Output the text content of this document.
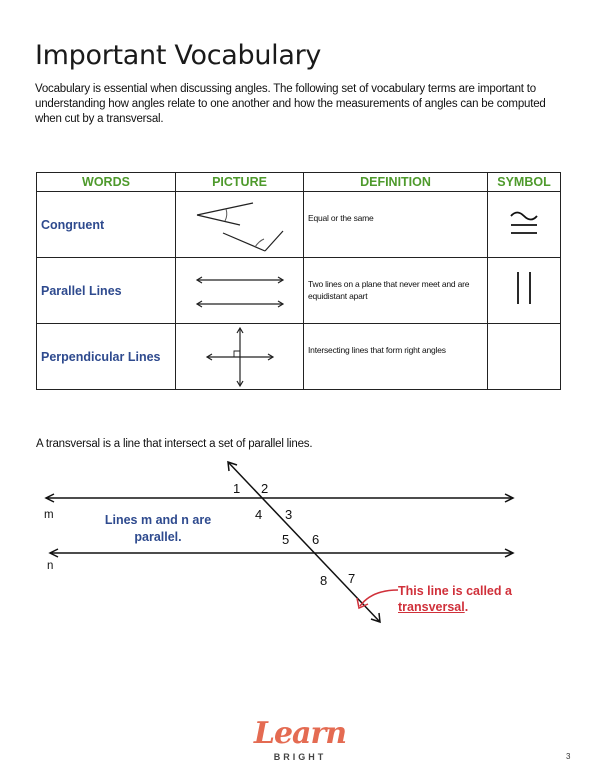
Important Vocabulary
Vocabulary is essential when discussing angles. The following set of vocabulary terms are important to understanding how angles relate to one another and how the measurements of angles can be computed when cut by a transversal.
WORDS	PICTURE	DEFINITION	SYMBOL
Congruent		Equal or the same	
Parallel Lines		Two lines on a plane that never meet and are equidistant apart	
Perpendicular Lines		Intersecting lines that form right angles	
A transversal is a line that intersect a set of parallel lines.
m
n
1 2
3
4
5 6
7
8
Lines m and n are parallel.
This line is called a
transversal.
Learn
BRIGHT	3
